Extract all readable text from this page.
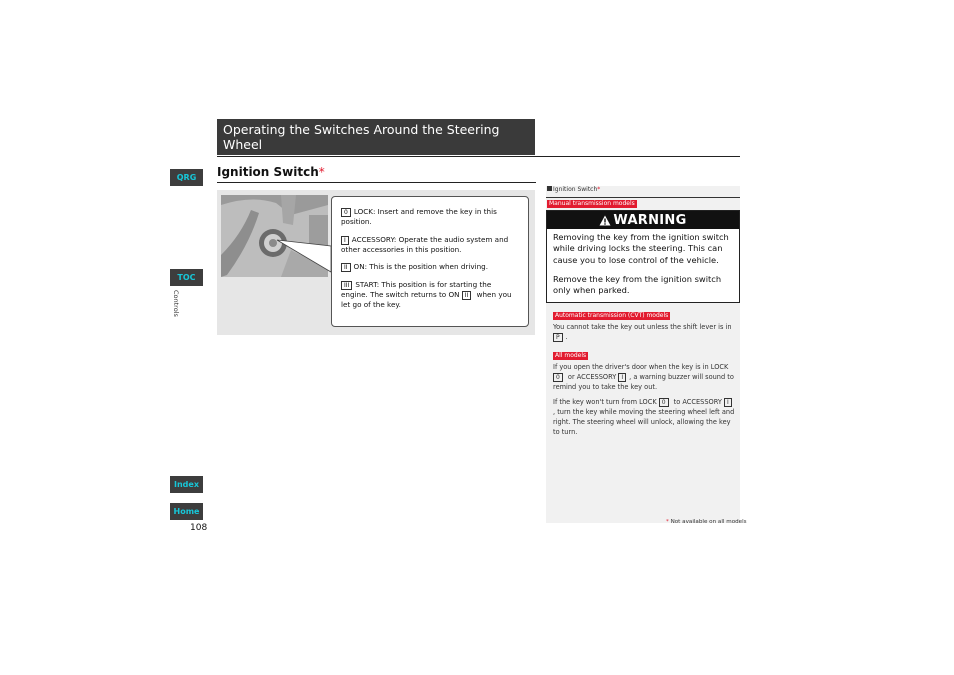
QRG
TOC
Controls
Index
Home
108
Operating the Switches Around the Steering Wheel
Ignition Switch*

0 LOCK: Insert and remove the key in this position.

I ACCESSORY: Operate the audio system and other accessories in this position.

II ON: This is the position when driving.

III START: This position is for starting the engine. The switch returns to ON II when you let go of the key.

Ignition Switch*
Manual transmission models
WARNING

Removing the key from the ignition switch while driving locks the steering. This can cause you to lose control of the vehicle.

Remove the key from the ignition switch only when parked.

Automatic transmission (CVT) models
You cannot take the key out unless the shift lever is in P .
All models
If you open the driver's door when the key is in LOCK 0 or ACCESSORY I , a warning buzzer will sound to remind you to take the key out.
If the key won't turn from LOCK 0 to ACCESSORY I, turn the key while moving the steering wheel left and right. The steering wheel will unlock, allowing the key to turn.
* Not available on all models
